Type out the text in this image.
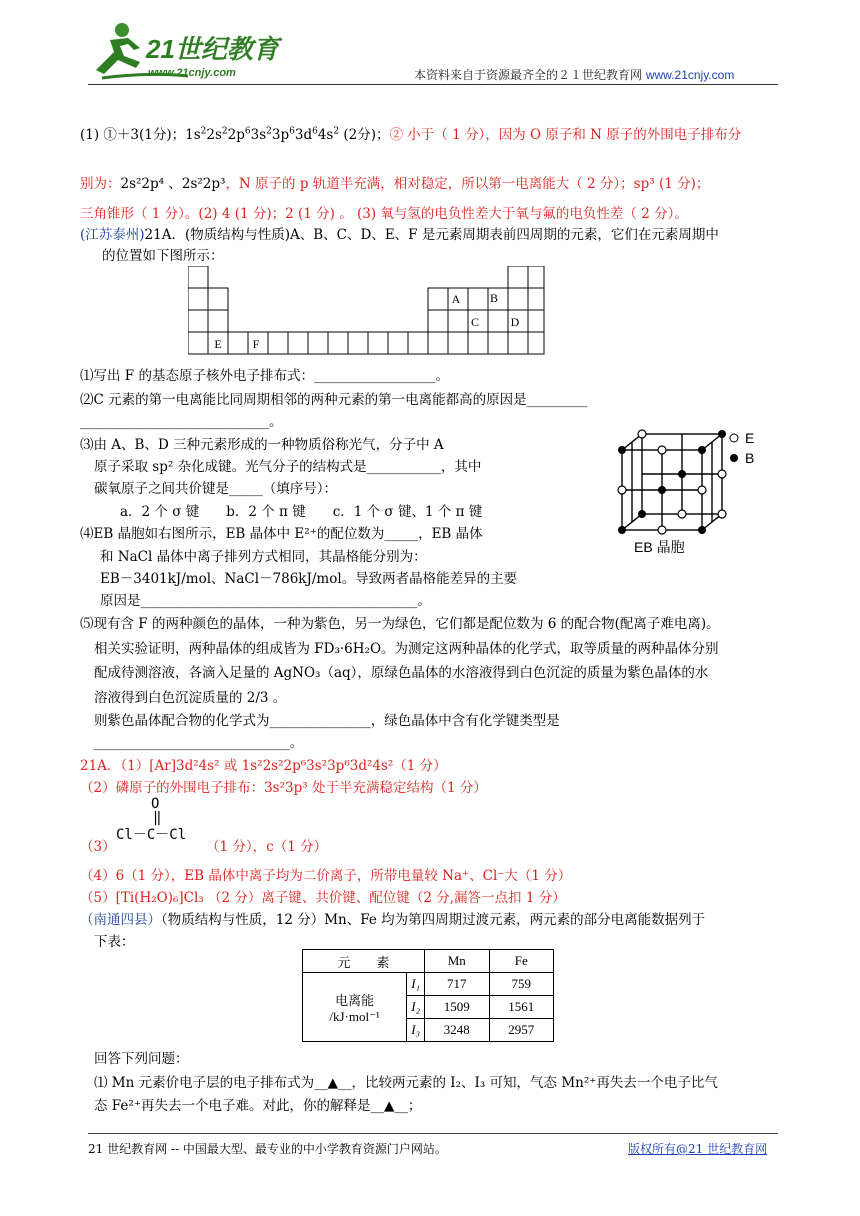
21世纪教育
www.21cnjy.com	本资料来自于资源最齐全的２１世纪教育网 www.21cnjy.com
(1) ①＋3(1分)；$1s^22s^22p^63s^23p^63d^64s^2$ (2分)；② 小于（ 1 分），因为 O 原子和 N 原子的外围电子排布分
别为：2s²2p⁴ 、2s²2p³，N 原子的 p 轨道半充满，相对稳定，所以第一电离能大（ 2 分）；sp³ (1 分)；
三角锥形（ 1 分）。(2) 4 (1 分)；2 (1 分) 。 (3) 氧与氢的电负性差大于氧与氟的电负性差（ 2 分）。
(江苏泰州)21A．(物质结构与性质)A、B、C、D、E、F 是元素周期表前四周期的元素，它们在元素周期中
的位置如下图所示：
A B
C	D
E	F
⑴写出 F 的基态原子核外电子排布式：__________________。
⑵C 元素的第一电离能比同周期相邻的两种元素的第一电离能都高的原因是_________
____________________________。
⑶由 A、B、D 三种元素形成的一种物质俗称光气，分子中 A
原子采取 sp² 杂化成键。光气分子的结构式是___________，其中
碳氧原子之间共价键是_____（填序号）：
a．2 个 σ 键　　b．2 个 π 键　　c．1 个 σ 键、1 个 π 键
⑷EB 晶胞如右图所示，EB 晶体中 E²⁺的配位数为_____，EB 晶体
和 NaCl 晶体中离子排列方式相同，其晶格能分别为：
EB－3401kJ/mol、NaCl－786kJ/mol。导致两者晶格能差异的主要
原因是_________________________________________。
E
B
EB 晶胞
⑸现有含 F 的两种颜色的晶体，一种为紫色，另一为绿色，它们都是配位数为 6 的配合物(配离子难电离)。
相关实验证明，两种晶体的组成皆为 FD₃·6H₂O。为测定这两种晶体的化学式，取等质量的两种晶体分别
配成待测溶液，各滴入足量的 AgNO₃（aq），原绿色晶体的水溶液得到白色沉淀的质量为紫色晶体的水
溶液得到白色沉淀质量的 2/3 。
则紫色晶体配合物的化学式为_______________，绿色晶体中含有化学键类型是
_____________________________。
21A．（1）[Ar]3d²4s² 或 1s²2s²2p⁶3s²3p⁶3d²4s²（1 分）
（2）磷原子的外围电子排布：3s²3p³ 处于半充满稳定结构（1 分）
（3）
O
‖
Cl－C－Cl
（1 分），c（1 分）
（4）6（1 分），EB 晶体中离子均为二价离子，所带电量较 Na⁺、Cl⁻大（1 分）
（5）[Ti(H₂O)₆]Cl₃ （2 分）离子键、共价键、配位键（2 分,漏答一点扣 1 分）
（南通四县）（物质结构与性质，12 分）Mn、Fe 均为第四周期过渡元素，两元素的部分电离能数据列于
下表：
元　　素		Mn	Fe

电离能
/kJ·mol⁻¹	I₁	717	759
	I₂	1509	1561
	I₃	3248	2957
回答下列问题：
⑴ Mn 元素价电子层的电子排布式为__▲__，比较两元素的 I₂、I₃ 可知，气态 Mn²⁺再失去一个电子比气
态 Fe²⁺再失去一个电子难。对此，你的解释是__▲__；
21 世纪教育网 -- 中国最大型、最专业的中小学教育资源门户网站。	版权所有@21 世纪教育网
